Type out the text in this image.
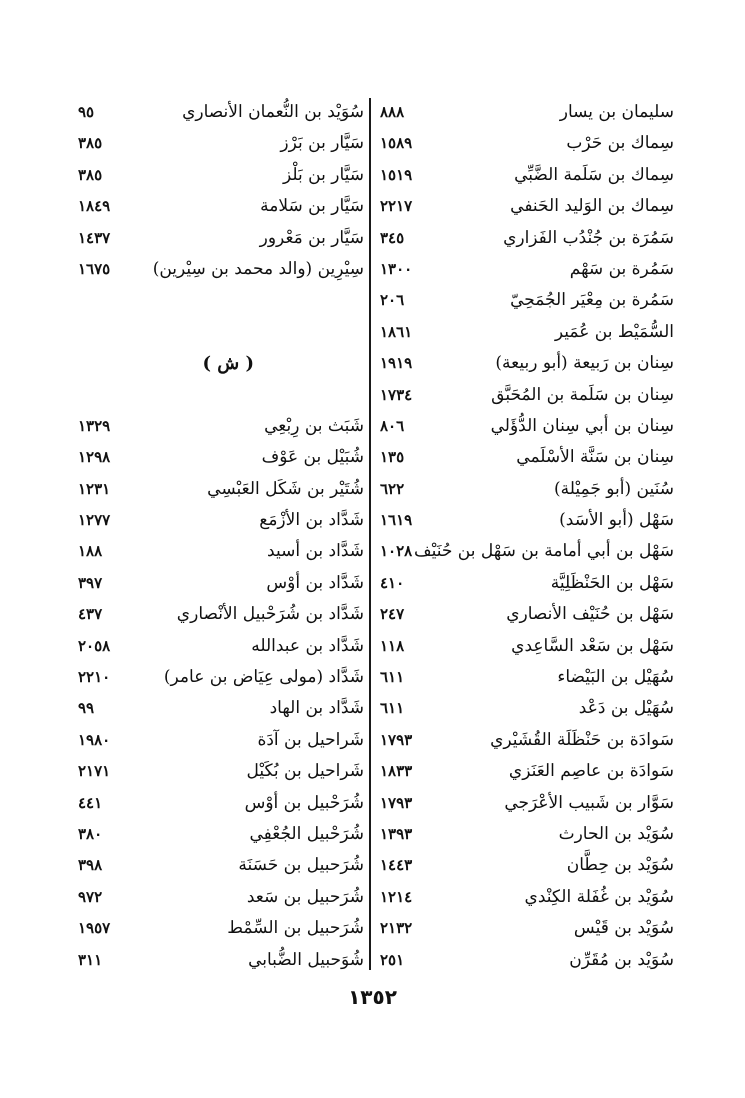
سليمان بن يسار
٨٨٨
سِماك بن حَرْب
١٥٨٩
سِماك بن سَلَمة الضَّبِّي
١٥١٩
سِماك بن الوَليد الحَنفي
٢٢١٧
سَمُرَة بن جُنْدُب الفَزاري
٣٤٥
سَمُرة بن سَهْم
١٣٠٠
سَمُرة بن مِعْيَر الجُمَحِيّ
٢٠٦
السُّمَيْط بن عُمَير
١٨٦١
سِنان بن رَبيعة (أبو ربيعة)
١٩١٩
سِنان بن سَلَمة بن المُحَبَّق
١٧٣٤
سِنان بن أبي سِنان الدُّؤَلي
٨٠٦
سِنان بن سَنَّة الأسْلَمي
١٣٥
سُنَين (أبو جَمِيْلة)
٦٢٢
سَهْل (أبو الأسَد)
١٦١٩
سَهْل بن أبي أمامة بن سَهْل بن حُنَيْف
١٠٢٨
سَهْل بن الحَنْظَلِيَّة
٤١٠
سَهْل بن حُنَيْف الأنصاري
٢٤٧
سَهْل بن سَعْد السَّاعِدي
١١٨
سُهَيْل بن البَيْضاء
٦١١
سُهَيْل بن دَعْد
٦١١
سَوادَة بن حَنْظَلَة القُشَيْري
١٧٩٣
سَوادَة بن عاصِم العَنَزي
١٨٣٣
سَوَّار بن شَبيب الأعْرَجي
١٧٩٣
سُوَيْد بن الحارث
١٣٩٣
سُوَيْد بن حِطَّان
١٤٤٣
سُوَيْد بن غُفَلة الكِنْدي
١٢١٤
سُوَيْد بن قَيْس
٢١٣٢
سُوَيْد بن مُقَرِّن
٢٥١
سُوَيْد بن النُّعمان الأنصاري
٩٥
سَيَّار بن بَرْز
٣٨٥
سَيَّار بن بَلْز
٣٨٥
سَيَّار بن سَلامة
١٨٤٩
سَيَّار بن مَعْرور
١٤٣٧
سِيْرِين (والد محمد بن سِيْرين)
١٦٧٥
( ش )
شَبَث بن رِبْعِي
١٣٢٩
شُبَيْل بن عَوْف
١٢٩٨
شُتَيْر بن شَكَل العَبْسِي
١٢٣١
شَدَّاد بن الأزْمَع
١٢٧٧
شَدَّاد بن أسيد
١٨٨
شَدَّاد بن أوْس
٣٩٧
شَدَّاد بن شُرَحْبيل الأنْصاري
٤٣٧
شَدَّاد بن عبدالله
٢٠٥٨
شَدَّاد (مولى عِيَاض بن عامر)
٢٢١٠
شَدَّاد بن الهاد
٩٩
شَراحيل بن آدَة
١٩٨٠
شَراحيل بن بُكَيْل
٢١٧١
شُرَحْبيل بن أوْس
٤٤١
شُرَحْبيل الجُعْفِي
٣٨٠
شُرَحبيل بن حَسَنَة
٣٩٨
شُرَحبيل بن سَعد
٩٧٢
شُرَحبيل بن السِّمْط
١٩٥٧
شُوَحبيل الضُّبابي
٣١١
١٣٥٢
